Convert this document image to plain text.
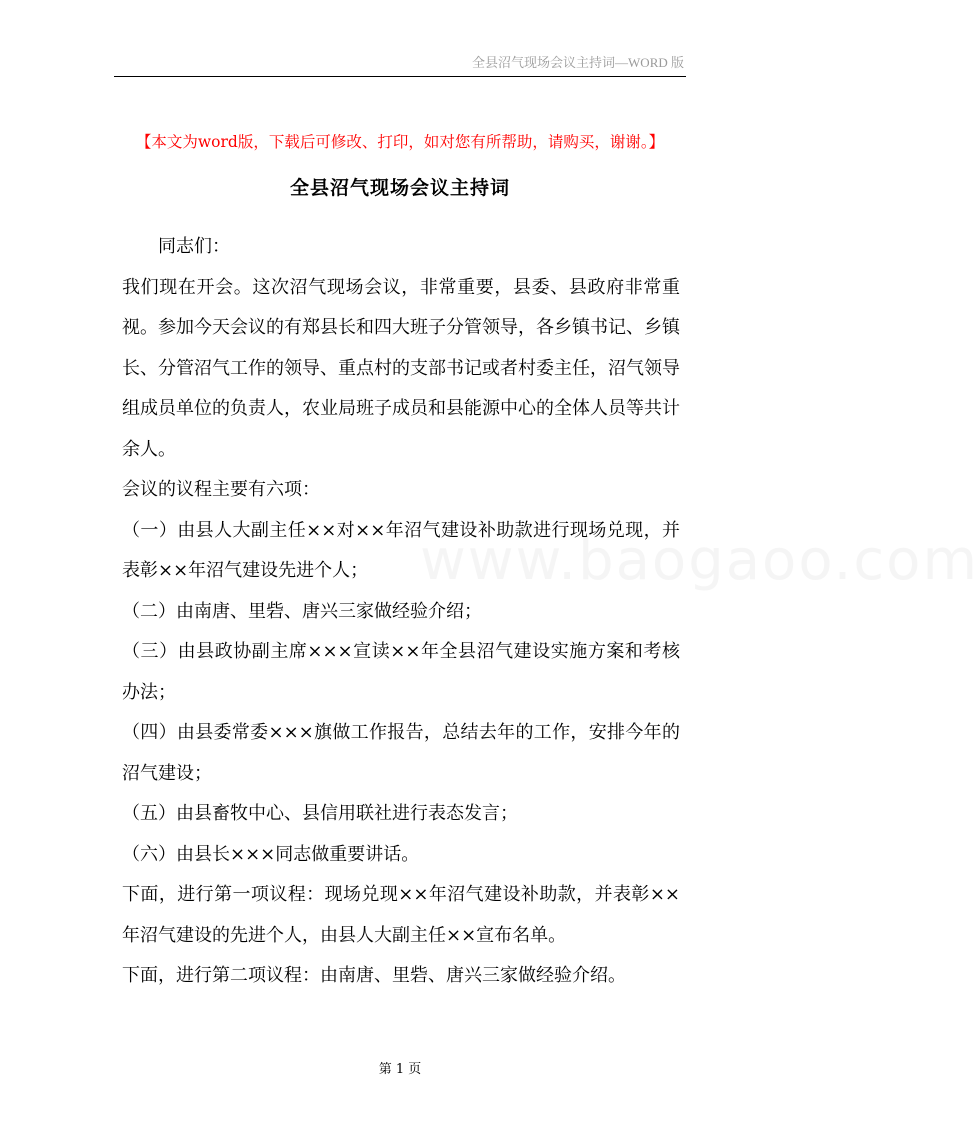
全县沼气现场会议主持词—WORD 版
【本文为word版，下载后可修改、打印，如对您有所帮助，请购买，谢谢。】
全县沼气现场会议主持词
www.baogaoo.com

同志们：

我们现在开会。这次沼气现场会议，非常重要，县委、县政府非常重视。参加今天会议的有郑县长和四大班子分管领导，各乡镇书记、乡镇长、分管沼气工作的领导、重点村的支部书记或者村委主任，沼气领导组成员单位的负责人，农业局班子成员和县能源中心的全体人员等共计余人。

会议的议程主要有六项：

（一）由县人大副主任××对××年沼气建设补助款进行现场兑现，并表彰××年沼气建设先进个人；

（二）由南唐、里砦、唐兴三家做经验介绍；

（三）由县政协副主席×××宣读××年全县沼气建设实施方案和考核办法；

（四）由县委常委×××旗做工作报告，总结去年的工作，安排今年的沼气建设；

（五）由县畜牧中心、县信用联社进行表态发言；

（六）由县长×××同志做重要讲话。

下面，进行第一项议程：现场兑现××年沼气建设补助款，并表彰××年沼气建设的先进个人，由县人大副主任××宣布名单。

下面，进行第二项议程：由南唐、里砦、唐兴三家做经验介绍。

第 1 页
